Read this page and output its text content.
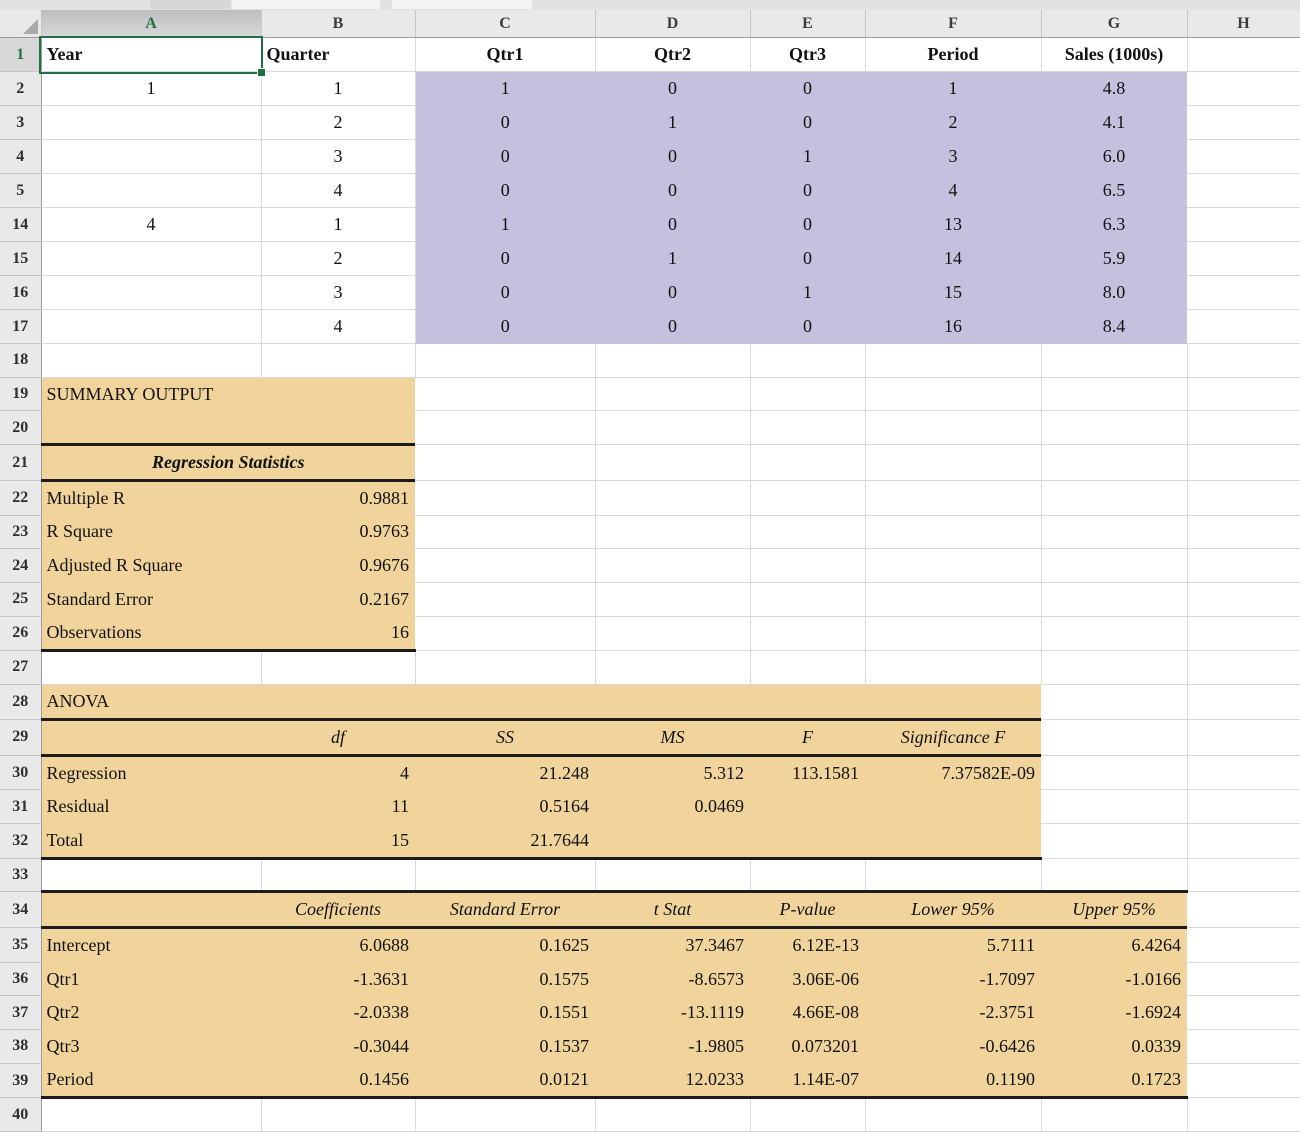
	A	B	C	D	E	F	G	H
1	Year	Quarter	Qtr1	Qtr2	Qtr3	Period	Sales (1000s)	
2	1	1	1	0	0	1	4.8	
3		2	0	1	0	2	4.1	
4		3	0	0	1	3	6.0	
5		4	0	0	0	4	6.5	
14	4	1	1	0	0	13	6.3	
15		2	0	1	0	14	5.9	
16		3	0	0	1	15	8.0	
17		4	0	0	0	16	8.4	
18								
19	SUMMARY OUTPUT							
20								
21	Regression Statistics							
22	Multiple R	0.9881						
23	R Square	0.9763						
24	Adjusted R Square	0.9676						
25	Standard Error	0.2167						
26	Observations	16						
27								
28	ANOVA							
29		df	SS	MS	F	Significance F		
30	Regression	4	21.248	5.312	113.1581	7.37582E-09		
31	Residual	11	0.5164	0.0469				
32	Total	15	21.7644					
33								
34		Coefficients	Standard Error	t Stat	P-value	Lower 95%	Upper 95%	
35	Intercept	6.0688	0.1625	37.3467	6.12E-13	5.7111	6.4264	
36	Qtr1	-1.3631	0.1575	-8.6573	3.06E-06	-1.7097	-1.0166	
37	Qtr2	-2.0338	0.1551	-13.1119	4.66E-08	-2.3751	-1.6924	
38	Qtr3	-0.3044	0.1537	-1.9805	0.073201	-0.6426	0.0339	
39	Period	0.1456	0.0121	12.0233	1.14E-07	0.1190	0.1723	
40								
